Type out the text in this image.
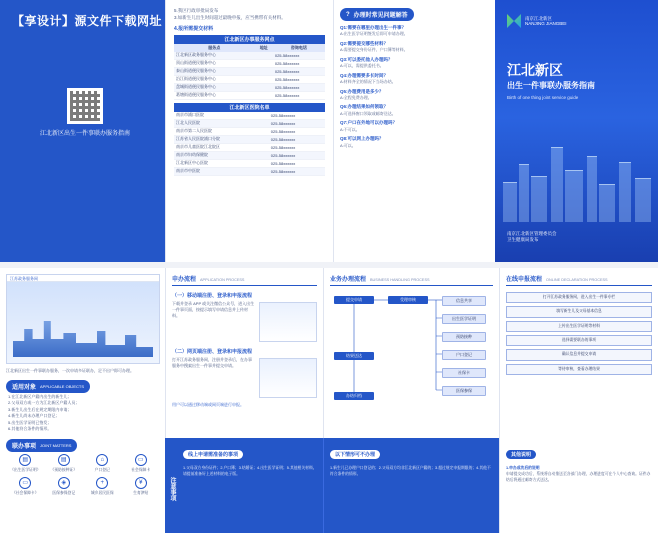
【享设计】源文件下载网址
江北新区出生一件事联办服务指南
5.我区行政审批局发布
3.如新生儿出生时间超过最晚申报，应当携带有关材料。
4.报所需提交材料
江北新区办事服务网点
服务点	地址	咨询电话
江北新区政务服务中心		025-58xxxxxx
顶山街道便民服务中心		025-58xxxxxx
泰山街道便民服务中心		025-58xxxxxx
沿江街道便民服务中心		025-58xxxxxx
盘城街道便民服务中心		025-58xxxxxx
葛塘街道便民服务中心		025-58xxxxxx
江北新区医院名单
南京市浦口医院	025-58xxxxxx
江北人民医院	025-58xxxxxx
南京市第二人民医院	025-58xxxxxx
江苏省人民医院浦口分院	025-58xxxxxx
南京市儿童医院江北院区	025-58xxxxxx
南京市妇幼保健院	025-58xxxxxx
江北新区中心医院	025-58xxxxxx
南京市中医院	025-58xxxxxx
? 办理时常见问题解答
Q1:需要在哪里办理出生一件事？
A:出生医学证明签发后即可申请办理。
Q2:需要提交哪些材料？
A:需要提交身份证件、户口簿等材料。
Q3:可以委托他人办理吗？
A:可以，需提供委托书。
Q4:办理需要多长时间？
A:材料齐全的情况下当场办结。
Q5:办理费用是多少？
A:全程免费办理。
Q6:办理结果如何领取？
A:可选择窗口领取或邮寄送达。
Q7:户口在外地可以办理吗？
A:不可以。
Q8:可以网上办理吗？
A:可以。
南京江北新区
NANJING JIANGBEI
江北新区
出生一件事联办服务指南
Birth of one thing joint service guide
南京江北新区管理委员会
卫生健康局发布
江苏政务服务网
江北新区出生一件事联办服务，一次申请多证联办，足不出户即可办理。
适用对象 APPLICABLE OBJECTS
1.在江北新区户籍内出生的新生儿；
2.父母双方或一方为江北新区户籍人员；
3.新生儿出生后在规定期限内申请；
4.新生儿尚未办理户口登记；
5.出生医学证明已签发；
6.其他符合条件的情形。
联办事项 JOINT MATTERS
▤
《出生医学证明》
▤
《预防接种证》
⌂
户口登记
▭
社会保障卡
▭
《社会保障卡》
◈
医保参保登记
+
城乡居民医保
¥
生育津贴	注意事项
申办流程 APPLICATION PROCESS
（一）移动端注册、登录和申报流程
下载并登录 APP 或关注微信公众号，进入出生一件事页面，按提示填写申请信息并上传材料。
（二）网页端注册、登录和申报流程
打开江苏政务服务网，注册并登录后，在办事服务中搜索出生一件事并提交申请。
用户可以通过移动端或网页端进行申报。
业务办理流程 BUSINESS HANDLING PROCESS
提交申请	受理审核	信息共享
出生医学证明
预防接种
户口登记
社保卡
医保参保
结果送达
办结归档
在线申报流程 ONLINE DECLARATION PROCESS
打开江苏政务服务网，进入出生一件事专栏
填写新生儿及父母基本信息
上传出生医学证明等材料
选择需要联办的事项
确认信息并提交申请
等待审核，查看办理结果
线上申请需准备的事项
1.父母双方身份证件；2.户口簿；3.结婚证；4.出生医学证明；5.其他相关材料。请提前准备好上述材料的电子版。
以下情形可不办理
1.新生儿已办理户口登记的；2.父母双方均非江北新区户籍的；3.超过规定申报期限的；4.其他不符合条件的情形。
其他说明
1.申办成功后的说明
申请提交成功后，系统将自动推送至各部门办理，办理进度可在个人中心查询。证件办结后将通过邮寄方式送达。
